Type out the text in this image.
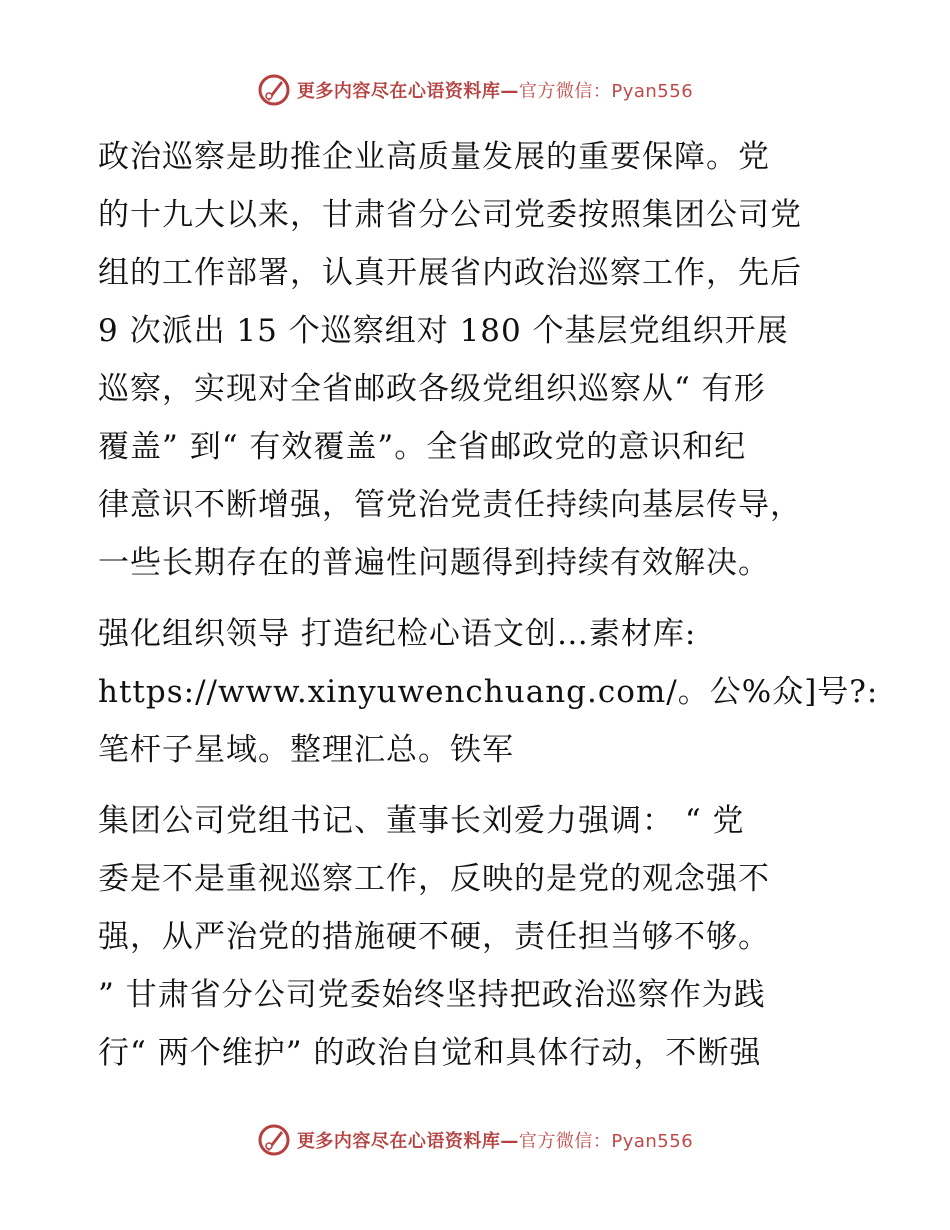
更多内容尽在心语资料库—官方微信：Pyan556
政治巡察是助推企业高质量发展的重要保障。党
的十九大以来，甘肃省分公司党委按照集团公司党
组的工作部署，认真开展省内政治巡察工作，先后
9 次派出 15 个巡察组对 180 个基层党组织开展
巡察，实现对全省邮政各级党组织巡察从“ 有形
覆盖” 到“ 有效覆盖”。全省邮政党的意识和纪
律意识不断增强，管党治党责任持续向基层传导，
一些长期存在的普遍性问题得到持续有效解决。
强化组织领导 打造纪检心语文创…素材库:
https://www.xinyuwenchuang.com/。公%众]号?:
笔杆子星域。整理汇总。铁军
集团公司党组书记、董事长刘爱力强调： “ 党
委是不是重视巡察工作，反映的是党的观念强不
强，从严治党的措施硬不硬，责任担当够不够。
” 甘肃省分公司党委始终坚持把政治巡察作为践
行“ 两个维护” 的政治自觉和具体行动，不断强
更多内容尽在心语资料库—官方微信：Pyan556
